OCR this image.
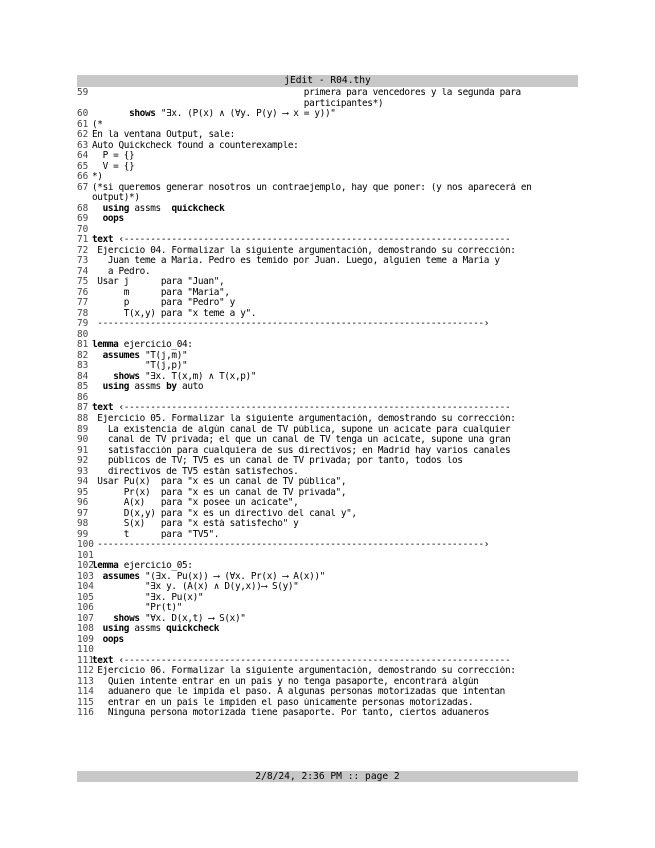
jEdit - R04.thy
59 primera para vencedores y la segunda para
participantes*)
60	shows "∃x. (P(x) ∧ (∀y. P(y) ⟶ x = y))"
61 (*
62 En la ventana Output, sale:
63 Auto Quickcheck found a counterexample:
64 P = {}
65 V = {}
66 *)
67 (*si queremos generar nosotros un contraejemplo, hay que poner: (y nos aparecerá en
output)*)
68	using assms  quickcheck
69	oops
70
71 text ‹-------------------------------------------------------------------------
72 Ejercicio 04. Formalizar la siguiente argumentación, demostrando su corrección:
73 Juan teme a María. Pedro es temido por Juan. Luego, alguien teme a María y
74 a Pedro.
75 Usar j      para "Juan",
76 m      para "María",
77 p      para "Pedro" y
78 T(x,y) para "x teme a y".
79 -------------------------------------------------------------------------›
80
81 lemma ejercicio_04:
82	assumes "T(j,m)"
83 "T(j,p)"
84	shows "∃x. T(x,m) ∧ T(x,p)"
85	using assms by auto
86
87 text ‹-------------------------------------------------------------------------
88 Ejercicio 05. Formalizar la siguiente argumentación, demostrando su corrección:
89 La existencia de algún canal de TV pública, supone un acicate para cualquier
90 canal de TV privada; el que un canal de TV tenga un acicate, supone una gran
91 satisfacción para cualquiera de sus directivos; en Madrid hay varios canales
92 públicos de TV; TV5 es un canal de TV privada; por tanto, todos los
93 directivos de TV5 están satisfechos.
94 Usar Pu(x)  para "x es un canal de TV pública",
95 Pr(x)  para "x es un canal de TV privada",
96 A(x)   para "x posee un acicate",
97 D(x,y) para "x es un directivo del canal y",
98 S(x)   para "x está satisfecho" y
99 t      para "TV5".
100
-------------------------------------------------------------------------›
101
102
lemma ejercicio_05:
103 assumes "(∃x. Pu(x)) ⟶ (∀x. Pr(x) ⟶ A(x))"
104
"∃x y. (A(x) ∧ D(y,x))⟶ S(y)"
105
"∃x. Pu(x)"
106
"Pr(t)"
107	shows "∀x. D(x,t) ⟶ S(x)"
108 using assms quickcheck
109 oops
110
111
text ‹-------------------------------------------------------------------------
112
Ejercicio 06. Formalizar la siguiente argumentación, demostrando su corrección:
113
Quien intente entrar en un país y no tenga pasaporte, encontrará algún
114
aduanero que le impida el paso. A algunas personas motorizadas que intentan
115
entrar en un país le impiden el paso únicamente personas motorizadas.
116
Ninguna persona motorizada tiene pasaporte. Por tanto, ciertos aduaneros
2/8/24, 2:36 PM :: page 2
